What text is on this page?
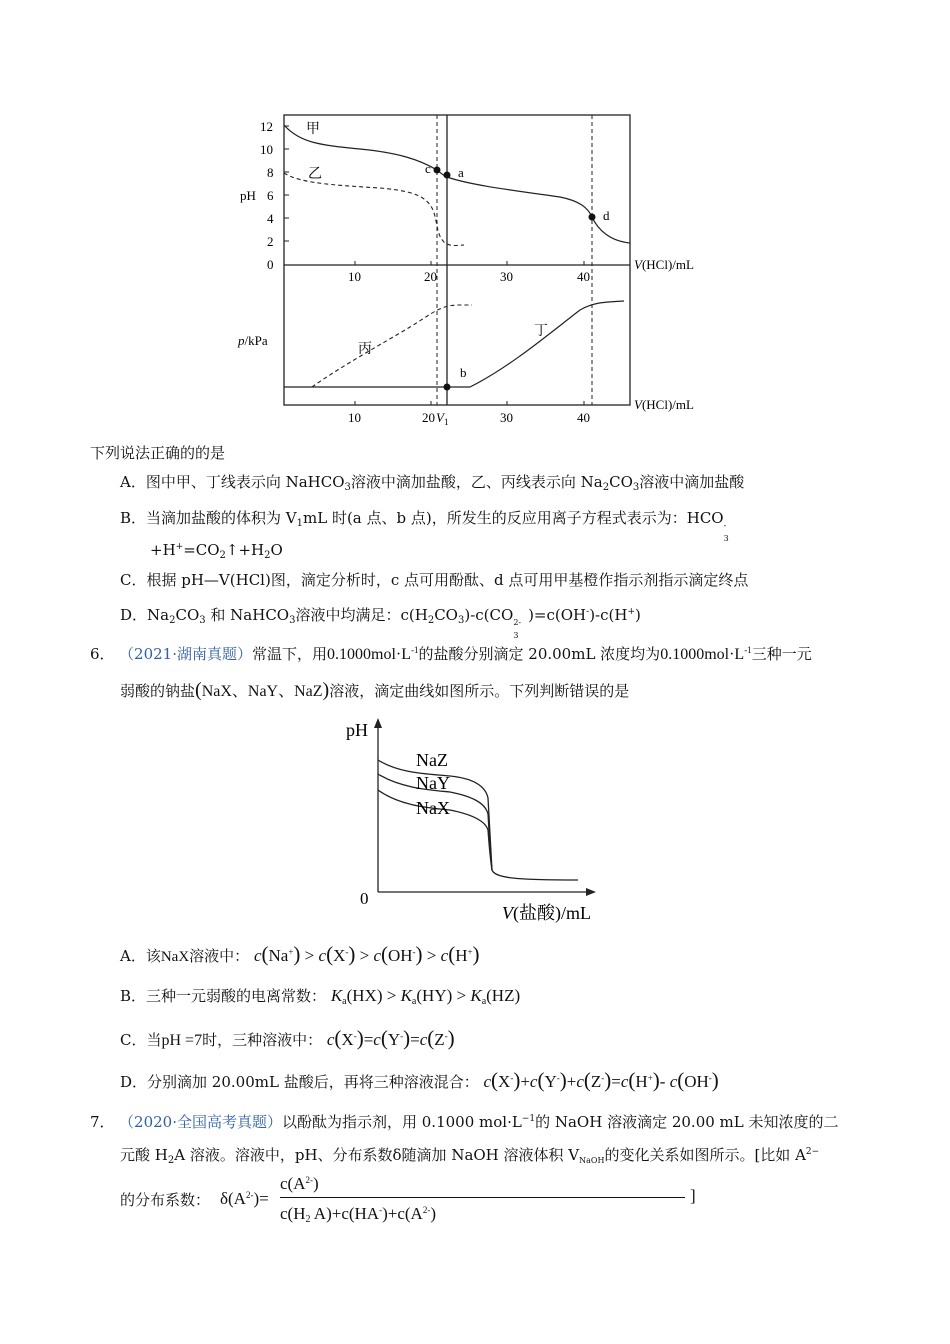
12
10
8
6
4
2
0
pH
p/kPa
10	20	30	40
10	20 $V_1$	30	40
V(HCl)/mL
V(HCl)/mL
c a
d
b
甲
乙
丙
丁
下列说法正确的的是
A．图中甲、丁线表示向 NaHCO$_3$溶液中滴加盐酸，乙、丙线表示向 $Na_2CO_3$溶液中滴加盐酸
B．当滴加盐酸的体积为 $V_1mL$ 时(a 点、b 点)，所发生的反应用离子方程式表示为：HCO -
3
$+H^+=CO_2↑+H_2O$
C．根据 pH—V(HCl)图，滴定分析时，c 点可用酚酞、d 点可用甲基橙作指示剂指示滴定终点
D．$Na_2CO_3$ 和 NaHCO$_3$溶液中均满足：$c(H_2CO_3)-c(CO$ 2-
3
)=c(OH-)-c(H+)
6． （2021·湖南真题）常温下，用$0.1000mol\cdot L^{-1}$的盐酸分别滴定 20.00mL 浓度均为$0.1000mol\cdot L^{-1}$三种一元
弱酸的钠盐(NaX、NaY、NaZ)溶液，滴定曲线如图所示。下列判断错误的是
pH
0
V(盐酸)/mL
NaZ
NaY
NaX
A．该NaX溶液中： c(Na+) > c(X-) > c(OH-) > c(H+)
B．三种一元弱酸的电离常数： $K_a(HX) > K_a(HY) > K_a(HZ)$
C．当pH =7时，三种溶液中： c(X-)=c(Y-)=c(Z-)
D．分别滴加 20.00mL 盐酸后，再将三种溶液混合： c(X-)+c(Y-)+c(Z-)=c(H+)- c(OH-)
7． （2020·全国高考真题）以酚酞为指示剂，用 0.1000 $mol\cdot L^{-1}$的 NaOH 溶液滴定 20.00 mL 未知浓度的二
元酸 $H_2A$ 溶液。溶液中，pH、分布系数δ随滴加 NaOH 溶液体积 $V_{NaOH}$的变化关系如图所示。[比如 $A^{2-}$
的分布系数： $\delta(A^{2-})=$
$c(A^{2-})$
$c(H_2$ $A)+c(HA^-)+c(A^{2-})$
]
